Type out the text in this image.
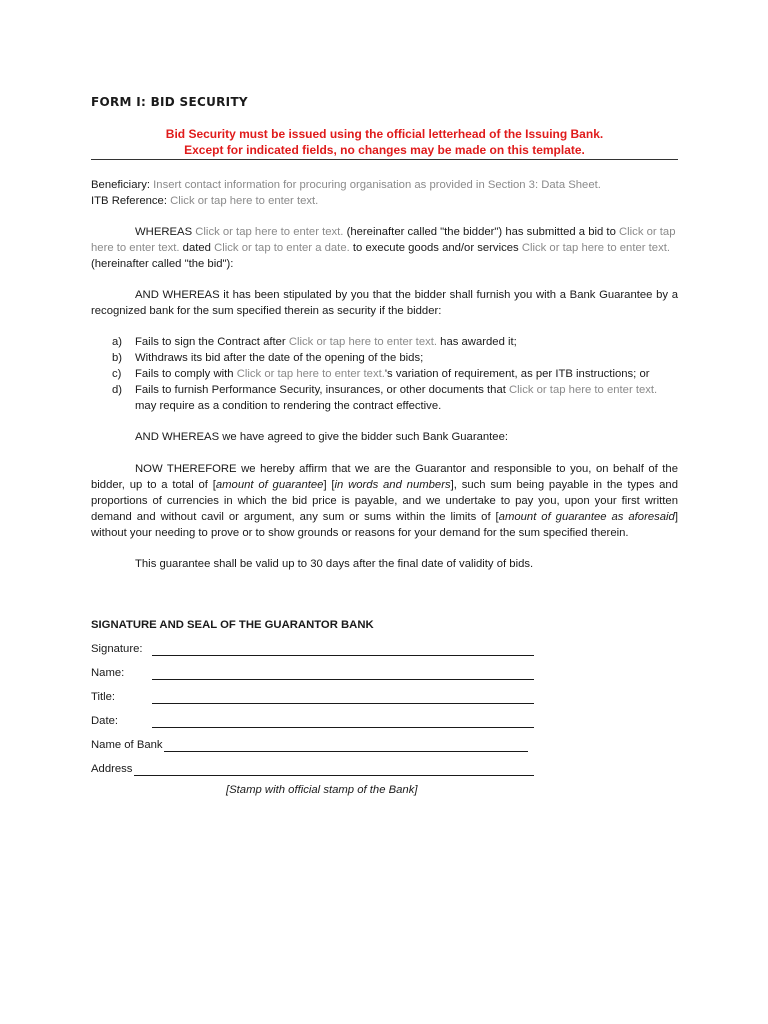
FORM I: BID SECURITY
Bid Security must be issued using the official letterhead of the Issuing Bank.
Except for indicated fields, no changes may be made on this template.
Beneficiary: Insert contact information for procuring organisation as provided in Section 3: Data Sheet.
ITB Reference: Click or tap here to enter text.
WHEREAS Click or tap here to enter text. (hereinafter called "the bidder") has submitted a bid to Click or tap here to enter text. dated Click or tap to enter a date. to execute goods and/or services Click or tap here to enter text. (hereinafter called "the bid"):
AND WHEREAS it has been stipulated by you that the bidder shall furnish you with a Bank Guarantee by a recognized bank for the sum specified therein as security if the bidder:
a) Fails to sign the Contract after Click or tap here to enter text. has awarded it;
b) Withdraws its bid after the date of the opening of the bids;
c) Fails to comply with Click or tap here to enter text.'s variation of requirement, as per ITB instructions; or
d) Fails to furnish Performance Security, insurances, or other documents that Click or tap here to enter text. may require as a condition to rendering the contract effective.
AND WHEREAS we have agreed to give the bidder such Bank Guarantee:
NOW THEREFORE we hereby affirm that we are the Guarantor and responsible to you, on behalf of the bidder, up to a total of [amount of guarantee] [in words and numbers], such sum being payable in the types and proportions of currencies in which the bid price is payable, and we undertake to pay you, upon your first written demand and without cavil or argument, any sum or sums within the limits of [amount of guarantee as aforesaid] without your needing to prove or to show grounds or reasons for your demand for the sum specified therein.
This guarantee shall be valid up to 30 days after the final date of validity of bids.
SIGNATURE AND SEAL OF THE GUARANTOR BANK
Signature:
Name:
Title:
Date:
Name of Bank
Address
[Stamp with official stamp of the Bank]
